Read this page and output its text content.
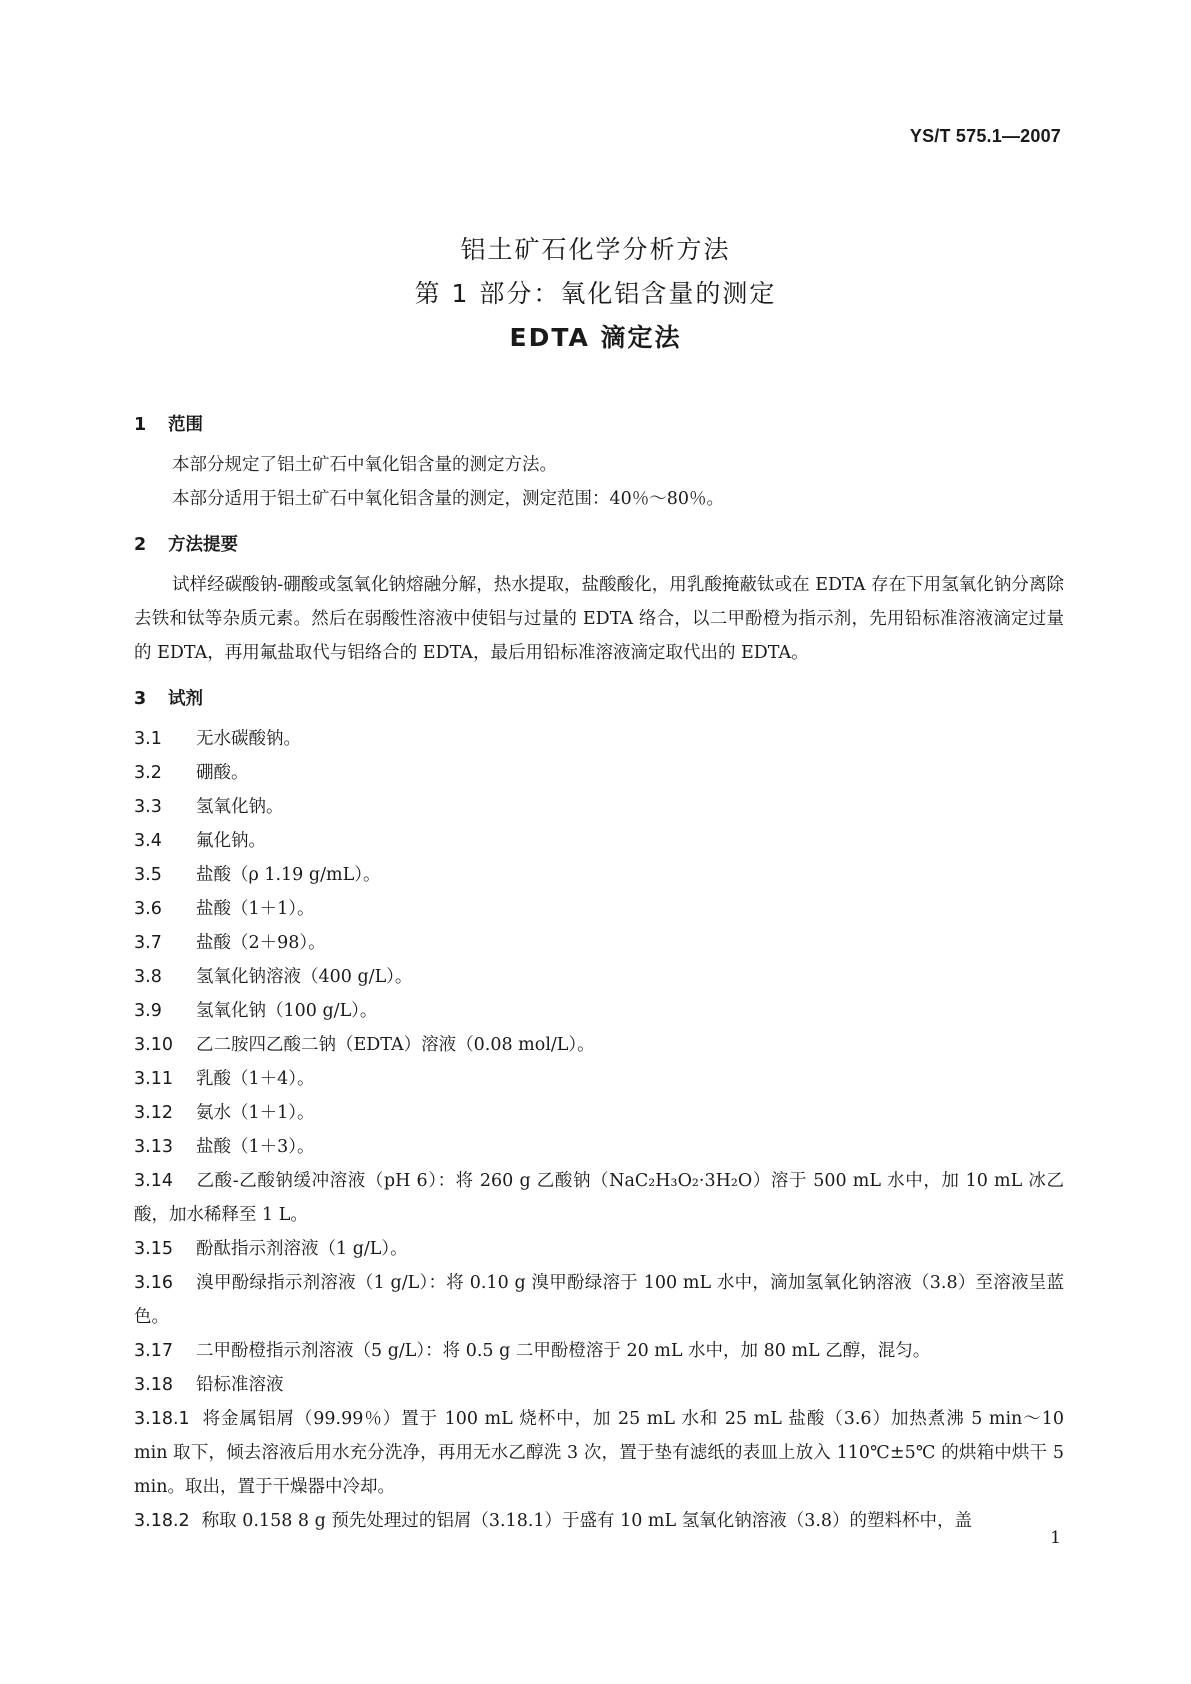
YS/T 575.1—2007
铝土矿石化学分析方法
第 1 部分：氧化铝含量的测定
EDTA 滴定法
1 范围

本部分规定了铝土矿石中氧化铝含量的测定方法。

本部分适用于铝土矿石中氧化铝含量的测定，测定范围：40％～80％。

2 方法提要

试样经碳酸钠-硼酸或氢氧化钠熔融分解，热水提取，盐酸酸化，用乳酸掩蔽钛或在 EDTA 存在下用氢氧化钠分离除去铁和钛等杂质元素。然后在弱酸性溶液中使铝与过量的 EDTA 络合，以二甲酚橙为指示剂，先用铅标准溶液滴定过量的 EDTA，再用氟盐取代与铝络合的 EDTA，最后用铅标准溶液滴定取代出的 EDTA。

3 试剂

3.1 无水碳酸钠。

3.2 硼酸。

3.3 氢氧化钠。

3.4 氟化钠。

3.5 盐酸（ρ 1.19 g/mL）。

3.6 盐酸（1＋1）。

3.7 盐酸（2＋98）。

3.8 氢氧化钠溶液（400 g/L）。

3.9 氢氧化钠（100 g/L）。

3.10 乙二胺四乙酸二钠（EDTA）溶液（0.08 mol/L）。

3.11 乳酸（1＋4）。

3.12 氨水（1＋1）。

3.13 盐酸（1＋3）。

3.14 乙酸-乙酸钠缓冲溶液（pH 6）：将 260 g 乙酸钠（NaC₂H₃O₂·3H₂O）溶于 500 mL 水中，加 10 mL 冰乙酸，加水稀释至 1 L。

3.15 酚酞指示剂溶液（1 g/L）。

3.16 溴甲酚绿指示剂溶液（1 g/L）：将 0.10 g 溴甲酚绿溶于 100 mL 水中，滴加氢氧化钠溶液（3.8）至溶液呈蓝色。

3.17 二甲酚橙指示剂溶液（5 g/L）：将 0.5 g 二甲酚橙溶于 20 mL 水中，加 80 mL 乙醇，混匀。

3.18 铅标准溶液

3.18.1 将金属铝屑（99.99％）置于 100 mL 烧杯中，加 25 mL 水和 25 mL 盐酸（3.6）加热煮沸 5 min～10 min 取下，倾去溶液后用水充分洗净，再用无水乙醇洗 3 次，置于垫有滤纸的表皿上放入 110℃±5℃ 的烘箱中烘干 5 min。取出，置于干燥器中冷却。

3.18.2 称取 0.158 8 g 预先处理过的铝屑（3.18.1）于盛有 10 mL 氢氧化钠溶液（3.8）的塑料杯中，盖

1
